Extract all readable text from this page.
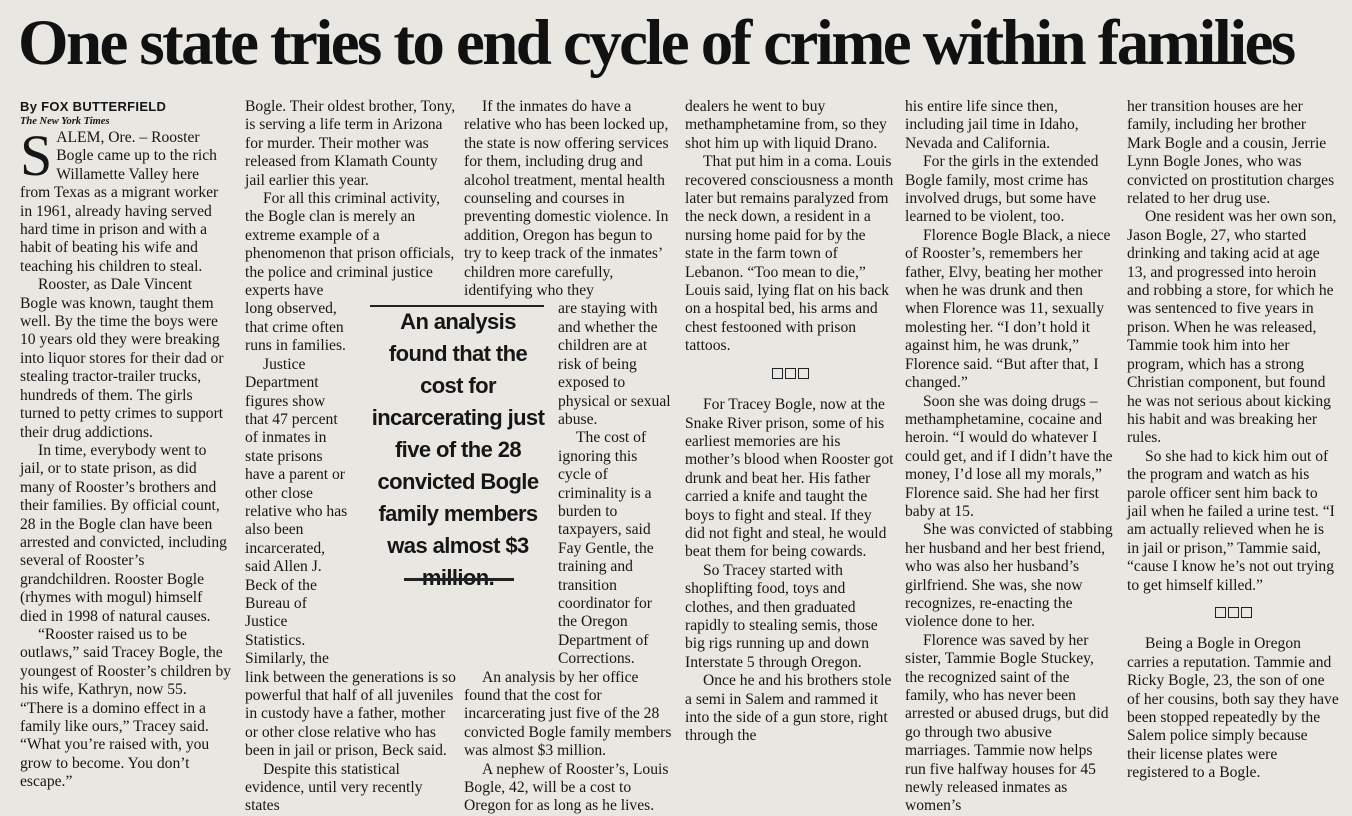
One state tries to end cycle of crime within families
By FOX BUTTERFIELD
The New York Times

SALEM, Ore. – Rooster Bogle came up to the rich Willamette Valley here from Texas as a migrant worker in 1961, already having served hard time in prison and with a habit of beating his wife and teaching his children to steal.

Rooster, as Dale Vincent Bogle was known, taught them well. By the time the boys were 10 years old they were breaking into liquor stores for their dad or stealing tractor-trailer trucks, hundreds of them. The girls turned to petty crimes to support their drug addictions.

In time, everybody went to jail, or to state prison, as did many of Rooster’s brothers and their families. By official count, 28 in the Bogle clan have been arrested and convicted, including several of Rooster’s grandchildren. Rooster Bogle (rhymes with mogul) himself died in 1998 of natural causes.

“Rooster raised us to be outlaws,” said Tracey Bogle, the youngest of Rooster’s children by his wife, Kathryn, now 55. “There is a domino effect in a family like ours,” Tracey said. “What you’re raised with, you grow to become. You don’t escape.”

Bogle. Their oldest brother, Tony, is serving a life term in Arizona for murder. Their mother was released from Klamath County jail earlier this year.

For all this criminal activity, the Bogle clan is merely an extreme example of a phenomenon that prison officials, the police and criminal justice

experts have long observed, that crime often runs in families.

Justice Department figures show that 47 percent of inmates in state prisons have a parent or other close relative who has also been incarcerated, said Allen J. Beck of the Bureau of Justice Statistics.

Similarly, the

link between the generations is so powerful that half of all juveniles in custody have a father, mother or other close relative who has been in jail or prison, Beck said.

Despite this statistical evidence, until very recently states

If the inmates do have a relative who has been locked up, the state is now offering services for them, including drug and alcohol treatment, mental health counseling and courses in preventing domestic violence. In addition, Oregon has begun to try to keep track of the inmates’ children more carefully, identifying who they

are staying with and whether the children are at risk of being exposed to physical or sexual abuse.

The cost of ignoring this cycle of criminality is a burden to taxpayers, said Fay Gentle, the training and transition coordinator for the Oregon Department of Corrections.

An analysis by her office found that the cost for incarcerating just five of the 28 convicted Bogle family members was almost $3 million.

A nephew of Rooster’s, Louis Bogle, 42, will be a cost to Oregon for as long as he lives.

An analysis found that the cost for incarcerating just five of the 28 convicted Bogle family members was almost $3

dealers he went to buy methamphetamine from, so they shot him up with liquid Drano.

That put him in a coma. Louis recovered consciousness a month later but remains paralyzed from the neck down, a resident in a nursing home paid for by the state in the farm town of Lebanon. “Too mean to die,” Louis said, lying flat on his back on a hospital bed, his arms and chest festooned with prison tattoos.

For Tracey Bogle, now at the Snake River prison, some of his earliest memories are his mother’s blood when Rooster got drunk and beat her. His father carried a knife and taught the boys to fight and steal. If they did not fight and steal, he would beat them for being cowards.

So Tracey started with shoplifting food, toys and clothes, and then graduated rapidly to stealing semis, those big rigs running up and down Interstate 5 through Oregon.

Once he and his brothers stole a semi in Salem and rammed it into the side of a gun store, right through the

his entire life since then, including jail time in Idaho, Nevada and California.

For the girls in the extended Bogle family, most crime has involved drugs, but some have learned to be violent, too.

Florence Bogle Black, a niece of Rooster’s, remembers her father, Elvy, beating her mother when he was drunk and then when Florence was 11, sexually molesting her. “I don’t hold it against him, he was drunk,” Florence said. “But after that, I changed.”

Soon she was doing drugs – methamphetamine, cocaine and heroin. “I would do whatever I could get, and if I didn’t have the money, I’d lose all my morals,” Florence said. She had her first baby at 15.

She was convicted of stabbing her husband and her best friend, who was also her husband’s girlfriend. She was, she now recognizes, re-enacting the violence done to her.

Florence was saved by her sister, Tammie Bogle Stuckey, the recognized saint of the family, who has never been arrested or abused drugs, but did go through two abusive marriages. Tammie now helps run five halfway houses for 45 newly released inmates as women’s

her transition houses are her family, including her brother Mark Bogle and a cousin, Jerrie Lynn Bogle Jones, who was convicted on prostitution charges related to her drug use.

One resident was her own son, Jason Bogle, 27, who started drinking and taking acid at age 13, and progressed into heroin and robbing a store, for which he was sentenced to five years in prison. When he was released, Tammie took him into her program, which has a strong Christian component, but found he was not serious about kicking his habit and was breaking her rules.

So she had to kick him out of the program and watch as his parole officer sent him back to jail when he failed a urine test. “I am actually relieved when he is in jail or prison,” Tammie said, “cause I know he’s not out trying to get himself killed.”

Being a Bogle in Oregon carries a reputation. Tammie and Ricky Bogle, 23, the son of one of her cousins, both say they have been stopped repeatedly by the Salem police simply because their license plates were registered to a Bogle.
